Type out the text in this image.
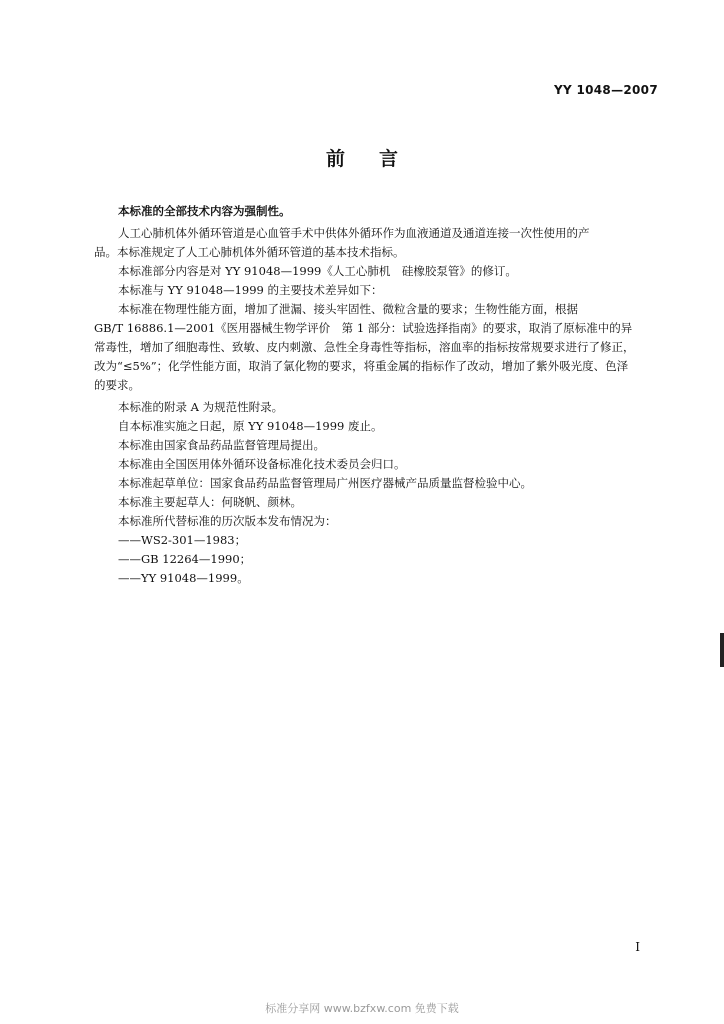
YY 1048—2007
前言

本标准的全部技术内容为强制性。

人工心肺机体外循环管道是心血管手术中供体外循环作为血液通道及通道连接一次性使用的产
品。本标准规定了人工心肺机体外循环管道的基本技术指标。

本标准部分内容是对 YY 91048—1999《人工心肺机　硅橡胶泵管》的修订。

本标准与 YY 91048—1999 的主要技术差异如下：

本标准在物理性能方面，增加了泄漏、接头牢固性、微粒含量的要求；生物性能方面，根据
GB/T 16886.1—2001《医用器械生物学评价　第 1 部分：试验选择指南》的要求，取消了原标准中的异
常毒性，增加了细胞毒性、致敏、皮内刺激、急性全身毒性等指标，溶血率的指标按常规要求进行了修正，
改为“≤5%”；化学性能方面，取消了氯化物的要求，将重金属的指标作了改动，增加了紫外吸光度、色泽
的要求。

本标准的附录 A 为规范性附录。

自本标准实施之日起，原 YY 91048—1999 废止。

本标准由国家食品药品监督管理局提出。

本标准由全国医用体外循环设备标准化技术委员会归口。

本标准起草单位：国家食品药品监督管理局广州医疗器械产品质量监督检验中心。

本标准主要起草人：何晓帆、颜林。

本标准所代替标准的历次版本发布情况为：

——WS2-301—1983；
——GB 12264—1990；
——YY 91048—1999。
I
标准分享网 www.bzfxw.com 免费下载
